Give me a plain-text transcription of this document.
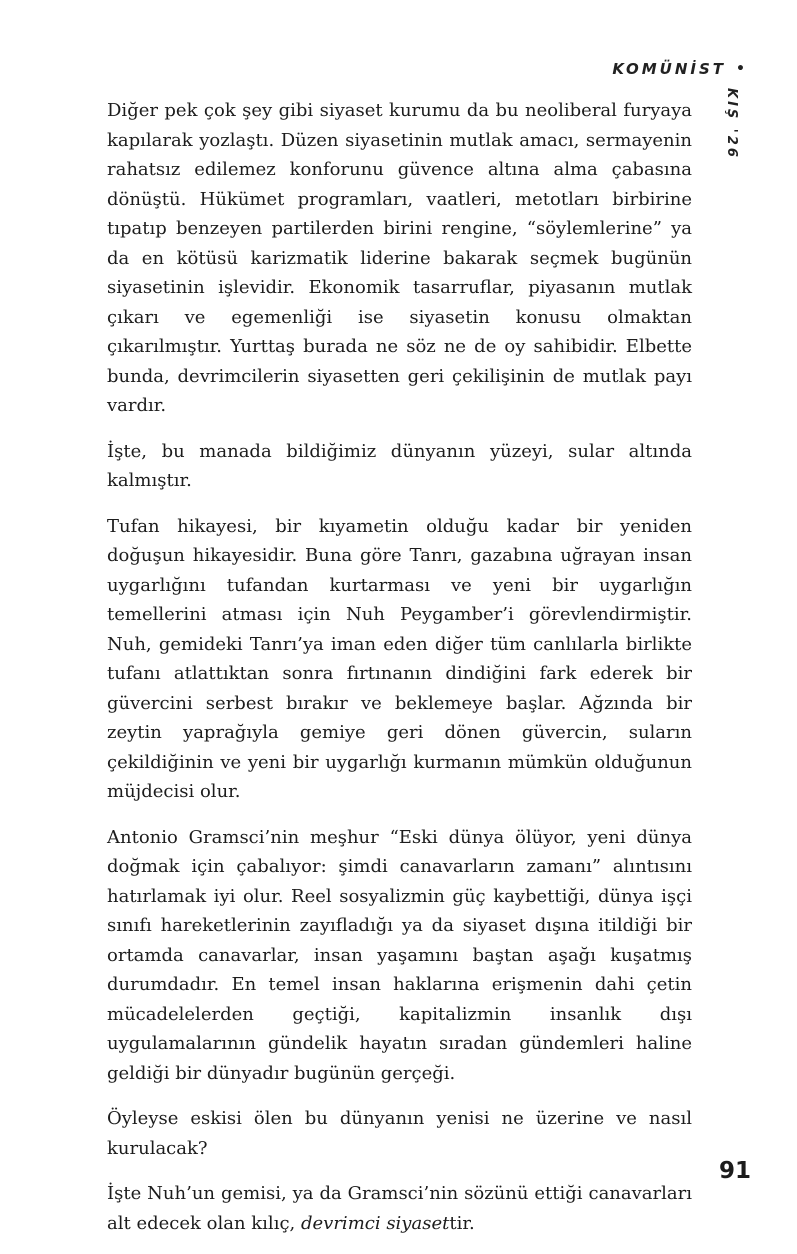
KOMÜNİST •
KIŞ '26

Diğer pek çok şey gibi siyaset kurumu da bu neoliberal furyaya kapılarak yozlaştı. Düzen siyasetinin mutlak amacı, sermayenin rahatsız edilemez konforunu güvence altına alma çabasına dönüştü. Hükümet programları, vaatleri, metotları birbirine tıpatıp benzeyen partilerden birini rengine, “söylemlerine” ya da en kötüsü karizmatik liderine bakarak seçmek bugünün siyasetinin işlevidir. Ekonomik tasarruflar, piyasanın mutlak çıkarı ve egemenliği ise siyasetin konusu olmaktan çıkarılmıştır. Yurttaş burada ne söz ne de oy sahibidir. Elbette bunda, devrimcilerin siyasetten geri çekilişinin de mutlak payı vardır.

İşte, bu manada bildiğimiz dünyanın yüzeyi, sular altında kalmıştır.

Tufan hikayesi, bir kıyametin olduğu kadar bir yeniden doğuşun hikayesidir. Buna göre Tanrı, gazabına uğrayan insan uygarlığını tufandan kurtarması ve yeni bir uygarlığın temellerini atması için Nuh Peygamber’i görevlendirmiştir. Nuh, gemideki Tanrı’ya iman eden diğer tüm canlılarla birlikte tufanı atlattıktan sonra fırtınanın dindiğini fark ederek bir güvercini serbest bırakır ve beklemeye başlar. Ağzında bir zeytin yaprağıyla gemiye geri dönen güvercin, suların çekildiğinin ve yeni bir uygarlığı kurmanın mümkün olduğunun müjdecisi olur.

Antonio Gramsci’nin meşhur “Eski dünya ölüyor, yeni dünya doğmak için çabalıyor: şimdi canavarların zamanı” alıntısını hatırlamak iyi olur. Reel sosyalizmin güç kaybettiği, dünya işçi sınıfı hareketlerinin zayıfladığı ya da siyaset dışına itildiği bir ortamda canavarlar, insan yaşamını baştan aşağı kuşatmış durumdadır. En temel insan haklarına erişmenin dahi çetin mücadelelerden geçtiği, kapitalizmin insanlık dışı uygulamalarının gündelik hayatın sıradan gündemleri haline geldiği bir dünyadır bugünün gerçeği.

Öyleyse eskisi ölen bu dünyanın yenisi ne üzerine ve nasıl kurulacak?

İşte Nuh’un gemisi, ya da Gramsci’nin sözünü ettiği canavarları alt edecek olan kılıç, devrimci siyasettir.

91
